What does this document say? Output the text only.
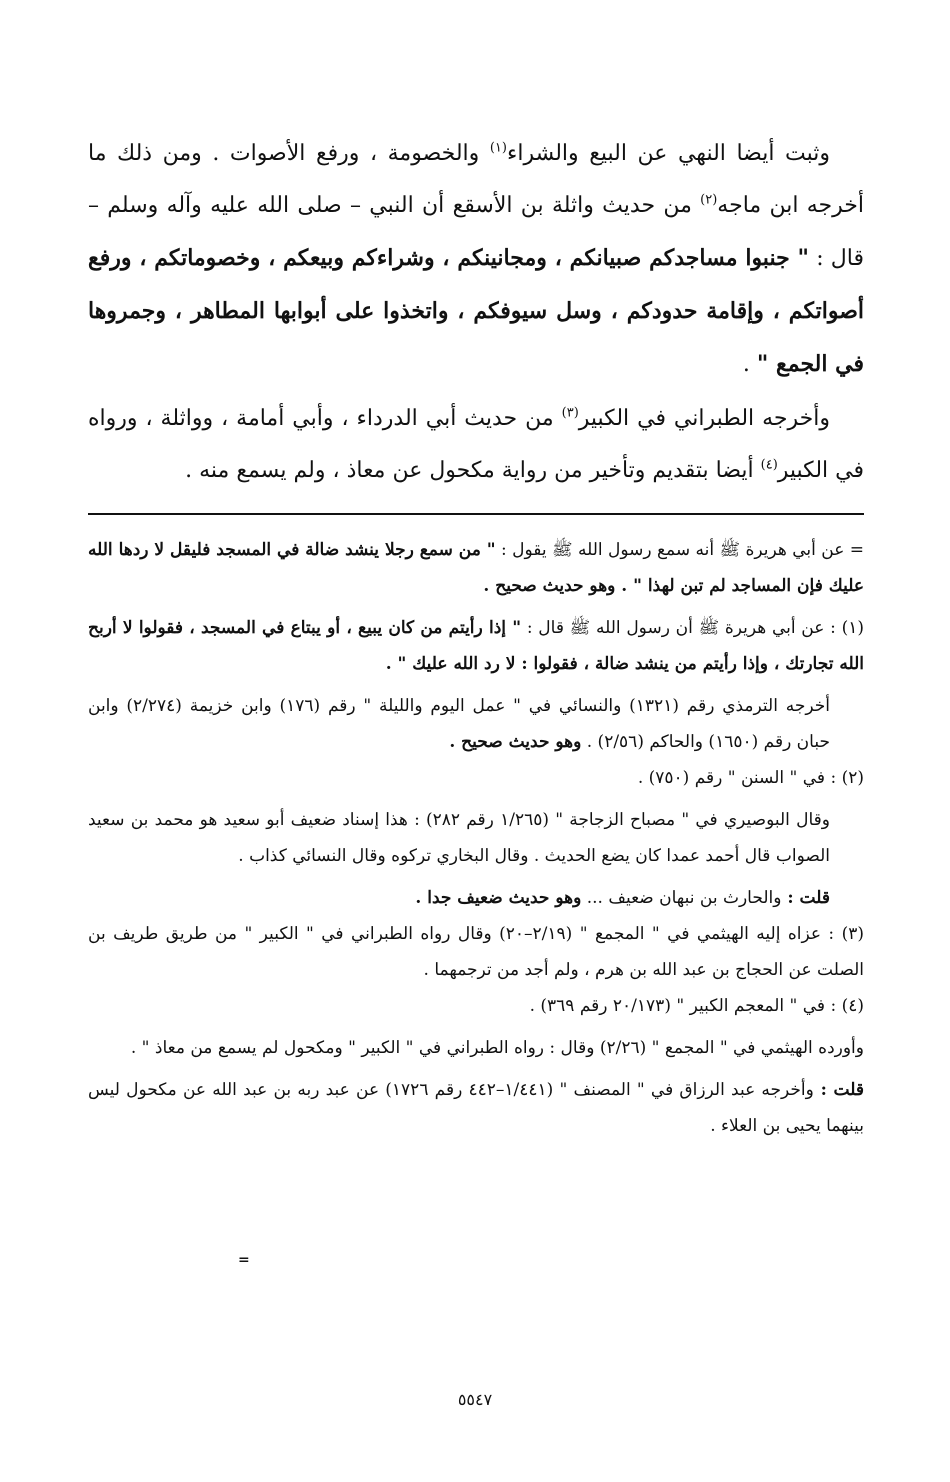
وثبت أيضا النهي عن البيع والشراء$^{(١)}$ والخصومة ، ورفع الأصوات . ومن ذلك ما أخرجه ابن ماجه$^{(٢)}$ من حديث واثلة بن الأسقع أن النبي – صلى الله عليه وآله وسلم – قال : " جنبوا مساجدكم صبيانكم ، ومجانينكم ، وشراءكم وبيعكم ، وخصوماتكم ، ورفع أصواتكم ، وإقامة حدودكم ، وسل سيوفكم ، واتخذوا على أبوابها المطاهر ، وجمروها في الجمع " .

وأخرجه الطبراني في الكبير$^{(٣)}$ من حديث أبي الدرداء ، وأبي أمامة ، وواثلة ، ورواه في الكبير$^{(٤)}$ أيضا بتقديم وتأخير من رواية مكحول عن معاذ ، ولم يسمع منه .

= عن أبي هريرة ﷺ أنه سمع رسول الله ﷺ يقول : " من سمع رجلا ينشد ضالة في المسجد فليقل لا ردها الله عليك فإن المساجد لم تبن لهذا " . وهو حديث صحيح .

(١) : عن أبي هريرة ﷺ أن رسول الله ﷺ قال : " إذا رأيتم من كان يبيع ، أو يبتاع في المسجد ، فقولوا لا أربح الله تجارتك ، وإذا رأيتم من ينشد ضالة ، فقولوا : لا رد الله عليك " .

أخرجه الترمذي رقم (١٣٢١) والنسائي في " عمل اليوم والليلة " رقم (١٧٦) وابن خزيمة (٢/٢٧٤) وابن حبان رقم (١٦٥٠) والحاكم (٢/٥٦) . وهو حديث صحيح .

(٢) : في " السنن " رقم (٧٥٠) .

وقال البوصيري في " مصباح الزجاجة " (١/٢٦٥ رقم ٢٨٢) : هذا إسناد ضعيف أبو سعيد هو محمد بن سعيد الصواب قال أحمد عمدا كان يضع الحديث . وقال البخاري تركوه وقال النسائي كذاب .

قلت : والحارث بن نبهان ضعيف ... وهو حديث ضعيف جدا .

(٣) : عزاه إليه الهيثمي في " المجمع " (٢/١٩–٢٠) وقال رواه الطبراني في " الكبير " من طريق طريف بن الصلت عن الحجاج بن عبد الله بن هرم ، ولم أجد من ترجمهما .

(٤) : في " المعجم الكبير " (٢٠/١٧٣ رقم ٣٦٩) .

وأورده الهيثمي في " المجمع " (٢/٢٦) وقال : رواه الطبراني في " الكبير " ومكحول لم يسمع من معاذ " .

قلت : وأخرجه عبد الرزاق في " المصنف " (١/٤٤١–٤٤٢ رقم ١٧٢٦) عن عبد ربه بن عبد الله عن مكحول ليس بينهما يحيى بن العلاء .

=
٥٥٤٧
